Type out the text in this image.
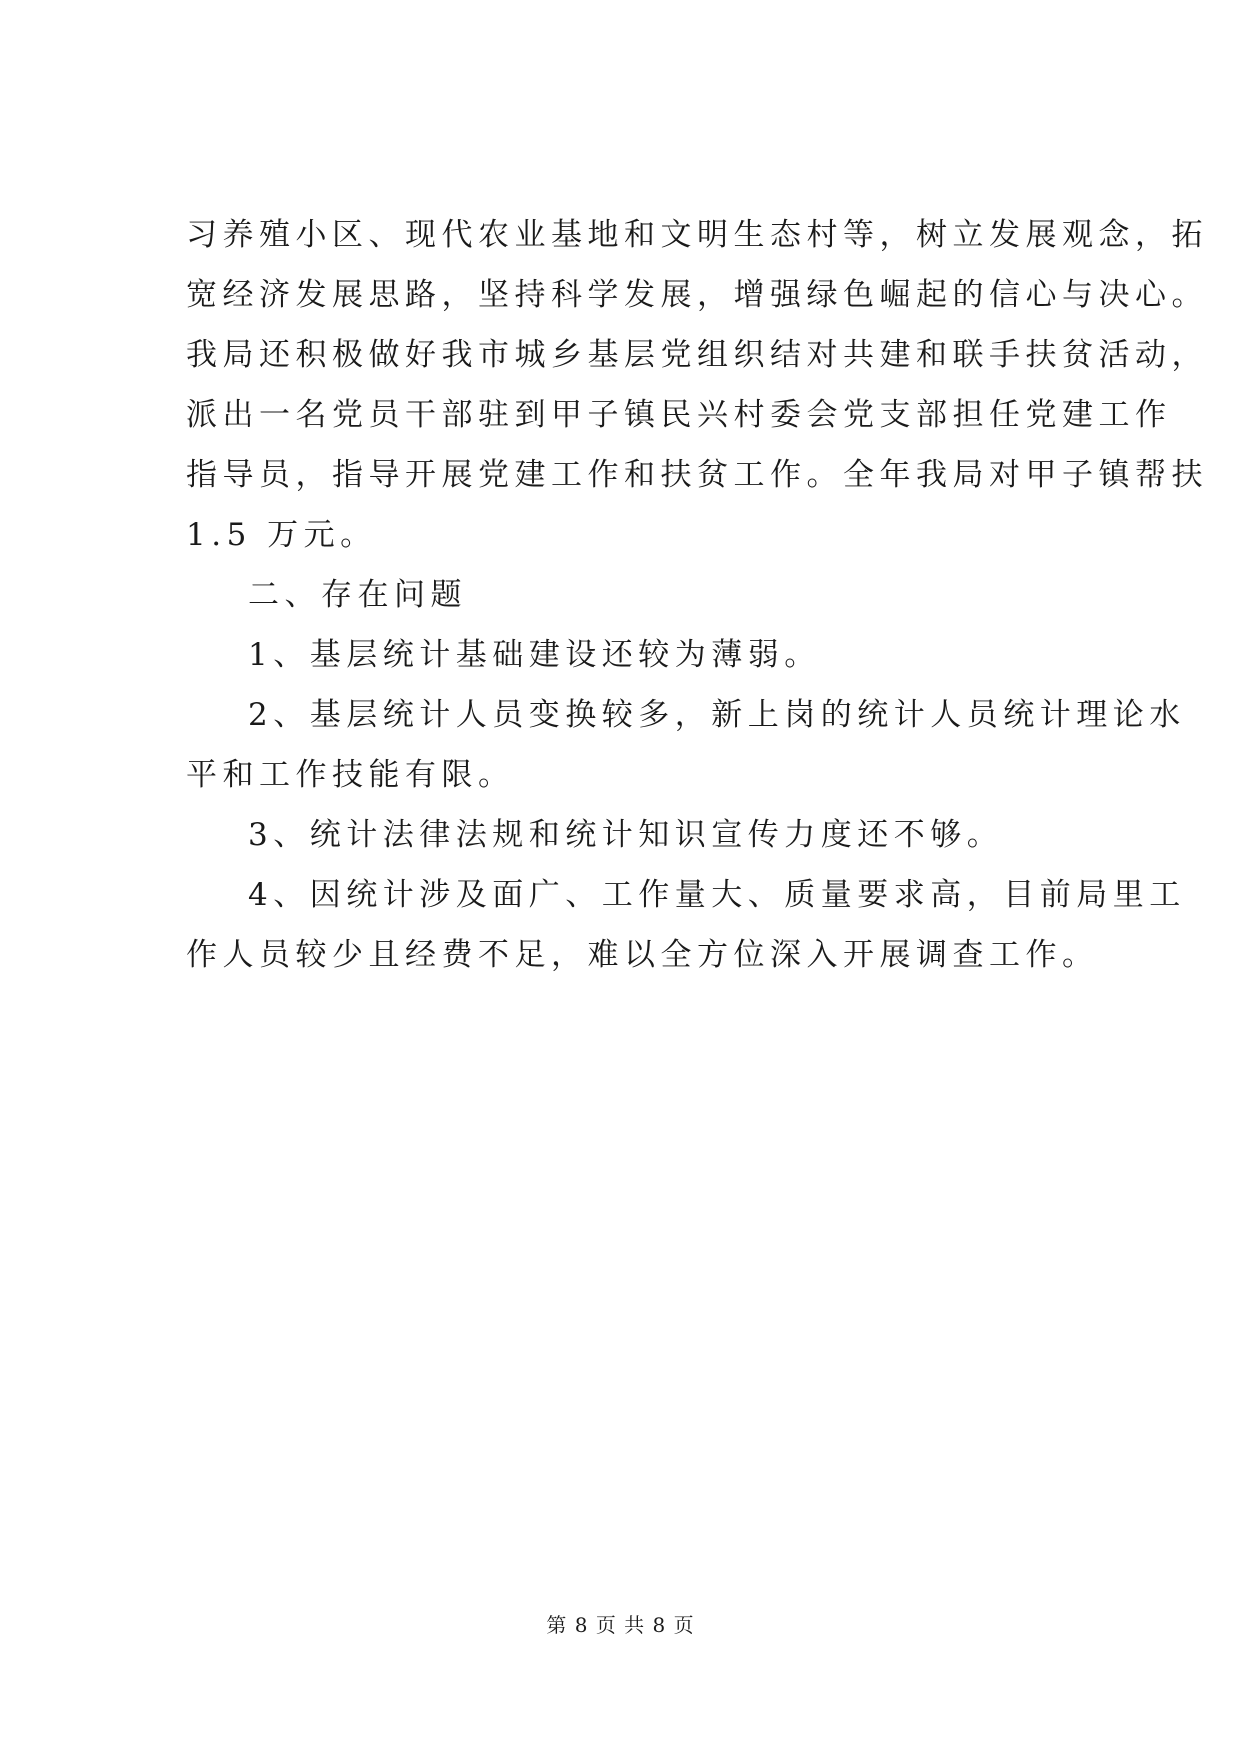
习养殖小区、现代农业基地和文明生态村等，树立发展观念，拓

宽经济发展思路，坚持科学发展，增强绿色崛起的信心与决心。

我局还积极做好我市城乡基层党组织结对共建和联手扶贫活动，

派出一名党员干部驻到甲子镇民兴村委会党支部担任党建工作

指导员，指导开展党建工作和扶贫工作。全年我局对甲子镇帮扶

1.5 万元。

二、存在问题

1、基层统计基础建设还较为薄弱。

2、基层统计人员变换较多，新上岗的统计人员统计理论水

平和工作技能有限。

3、统计法律法规和统计知识宣传力度还不够。

4、因统计涉及面广、工作量大、质量要求高，目前局里工

作人员较少且经费不足，难以全方位深入开展调查工作。

第 8 页 共 8 页
